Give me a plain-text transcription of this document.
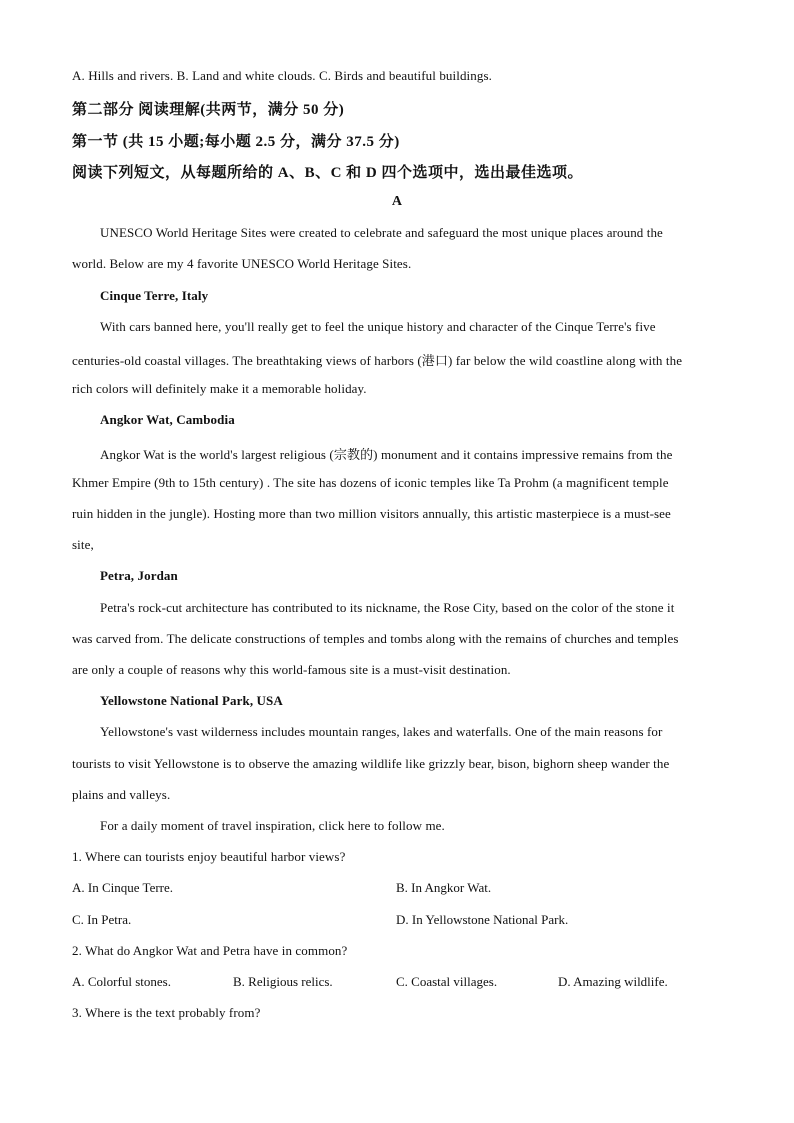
A. Hills and rivers. B. Land and white clouds. C. Birds and beautiful buildings.
第二部分 阅读理解(共两节，满分 50 分)
第一节 (共 15 小题;每小题 2.5 分，满分 37.5 分)
阅读下列短文，从每题所给的 A、B、C 和 D 四个选项中，选出最佳选项。
A
UNESCO World Heritage Sites were created to celebrate and safeguard the most unique places around the
world. Below are my 4 favorite UNESCO World Heritage Sites.
Cinque Terre, Italy
With cars banned here, you'll really get to feel the unique history and character of the Cinque Terre's five
centuries-old coastal villages. The breathtaking views of harbors (港口) far below the wild coastline along with the
rich colors will definitely make it a memorable holiday.
Angkor Wat, Cambodia
Angkor Wat is the world's largest religious (宗教的) monument and it contains impressive remains from the
Khmer Empire (9th to 15th century) . The site has dozens of iconic temples like Ta Prohm (a magnificent temple
ruin hidden in the jungle). Hosting more than two million visitors annually, this artistic masterpiece is a must-see
site,
Petra, Jordan
Petra's rock-cut architecture has contributed to its nickname, the Rose City, based on the color of the stone it
was carved from. The delicate constructions of temples and tombs along with the remains of churches and temples
are only a couple of reasons why this world-famous site is a must-visit destination.
Yellowstone National Park, USA
Yellowstone's vast wilderness includes mountain ranges, lakes and waterfalls. One of the main reasons for
tourists to visit Yellowstone is to observe the amazing wildlife like grizzly bear, bison, bighorn sheep wander the
plains and valleys.
For a daily moment of travel inspiration, click here to follow me.
1. Where can tourists enjoy beautiful harbor views?
A. In Cinque Terre.	B. In Angkor Wat.
C. In Petra.	D. In Yellowstone National Park.
2. What do Angkor Wat and Petra have in common?
A. Colorful stones.	B. Religious relics.	C. Coastal villages.	D. Amazing wildlife.
3. Where is the text probably from?
